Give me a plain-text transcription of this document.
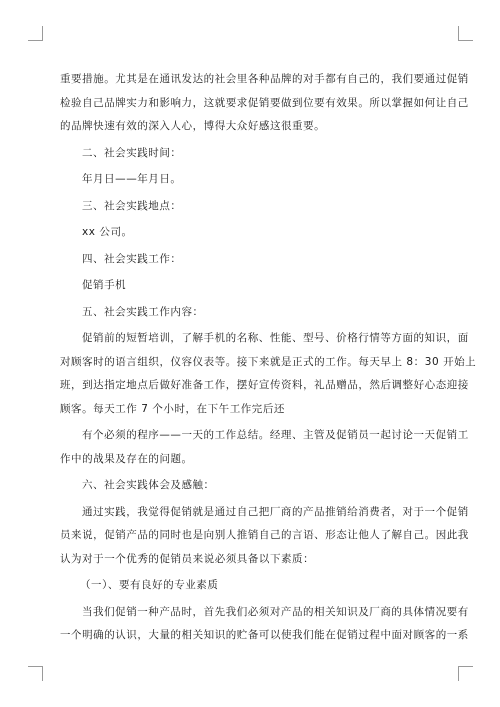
重要措施。尤其是在通讯发达的社会里各种品牌的对手都有自己的，我们要通过促销
检验自己品牌实力和影响力，这就要求促销要做到位要有效果。所以掌握如何让自己
的品牌快速有效的深入人心，博得大众好感这很重要。
二、社会实践时间：
年月日——年月日。
三、社会实践地点：
xx 公司。
四、社会实践工作：
促销手机
五、社会实践工作内容：
促销前的短暂培训，了解手机的名称、性能、型号、价格行情等方面的知识，面
对顾客时的语言组织，仪容仪表等。接下来就是正式的工作。每天早上 8：30 开始上
班，到达指定地点后做好准备工作，摆好宣传资料，礼品赠品，然后调整好心态迎接
顾客。每天工作 7 个小时，在下午工作完后还
有个必须的程序——一天的工作总结。经理、主管及促销员一起讨论一天促销工
作中的战果及存在的问题。
六、社会实践体会及感触：
通过实践，我觉得促销就是通过自己把厂商的产品推销给消费者，对于一个促销
员来说，促销产品的同时也是向别人推销自己的言语、形态让他人了解自己。因此我
认为对于一个优秀的促销员来说必须具备以下素质：
（一）、要有良好的专业素质
当我们促销一种产品时，首先我们必须对产品的相关知识及厂商的具体情况要有
一个明确的认识，大量的相关知识的贮备可以使我们能在促销过程中面对顾客的一系
